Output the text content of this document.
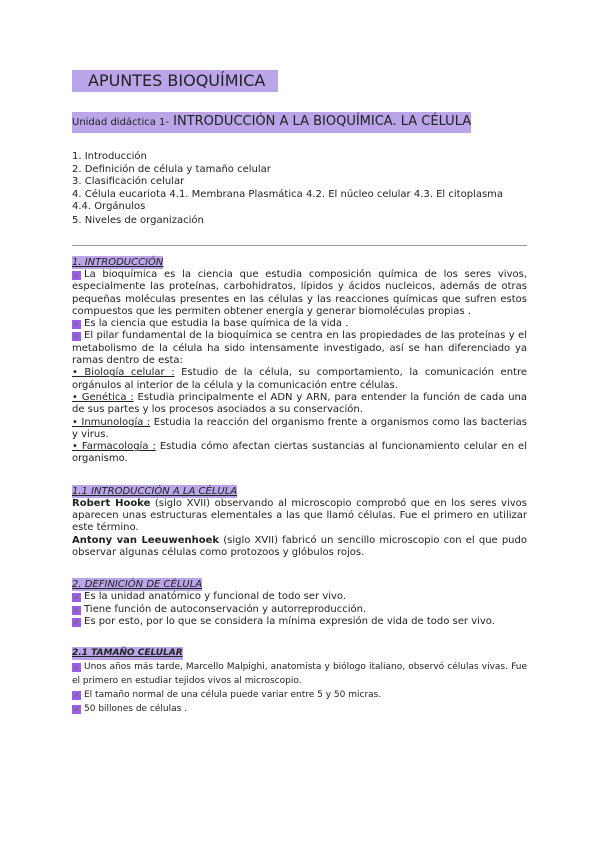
APUNTES BIOQUÍMICA
Unidad didáctica 1- INTRODUCCIÓN A LA BIOQUÍMICA. LA CÉLULA
1. Introducción
2. Definición de célula y tamaño celular
3. Clasificación celular
4. Célula eucariota 4.1. Membrana Plasmática 4.2. El núcleo celular 4.3. El citoplasma
4.4. Orgánulos
5. Niveles de organización
1. INTRODUCCIÓN

✓ La bioquímica es la ciencia que estudia composición química de los seres vivos, especialmente las proteínas, carbohidratos, lípidos y ácidos nucleicos, además de otras pequeñas moléculas presentes en las células y las reacciones químicas que sufren estos compuestos que les permiten obtener energía y generar biomoléculas propias .

✓ Es la ciencia que estudia la base química de la vida .

✓ El pilar fundamental de la bioquímica se centra en las propiedades de las proteínas y el metabolismo de la célula ha sido intensamente investigado, así se han diferenciado ya ramas dentro de esta:

• Biología celular : Estudio de la célula, su comportamiento, la comunicación entre orgánulos al interior de la célula y la comunicación entre células.

• Genética : Estudia principalmente el ADN y ARN, para entender la función de cada una de sus partes y los procesos asociados a su conservación.

• Inmunología : Estudia la reacción del organismo frente a organismos como las bacterias y virus.

• Farmacología : Estudia cómo afectan ciertas sustancias al funcionamiento celular en el organismo.

1.1 INTRODUCCIÓN A LA CÉLULA

Robert Hooke (siglo XVII) observando al microscopio comprobó que en los seres vivos aparecen unas estructuras elementales a las que llamó células. Fue el primero en utilizar este término.

Antony van Leeuwenhoek (siglo XVII) fabricó un sencillo microscopio con el que pudo observar algunas células como protozoos y glóbulos rojos.

2. DEFINICIÓN DE CÉLULA

✓ Es la unidad anatómico y funcional de todo ser vivo.

✓ Tiene función de autoconservación y autorreproducción.

✓ Es por esto, por lo que se considera la mínima expresión de vida de todo ser vivo.

2.1 TAMAÑO CELULAR

✓ Unos años más tarde, Marcello Malpighi, anatomista y biólogo italiano, observó células vivas. Fue el primero en estudiar tejidos vivos al microscopio.

✓ El tamaño normal de una célula puede variar entre 5 y 50 micras.

✓ 50 billones de células .
